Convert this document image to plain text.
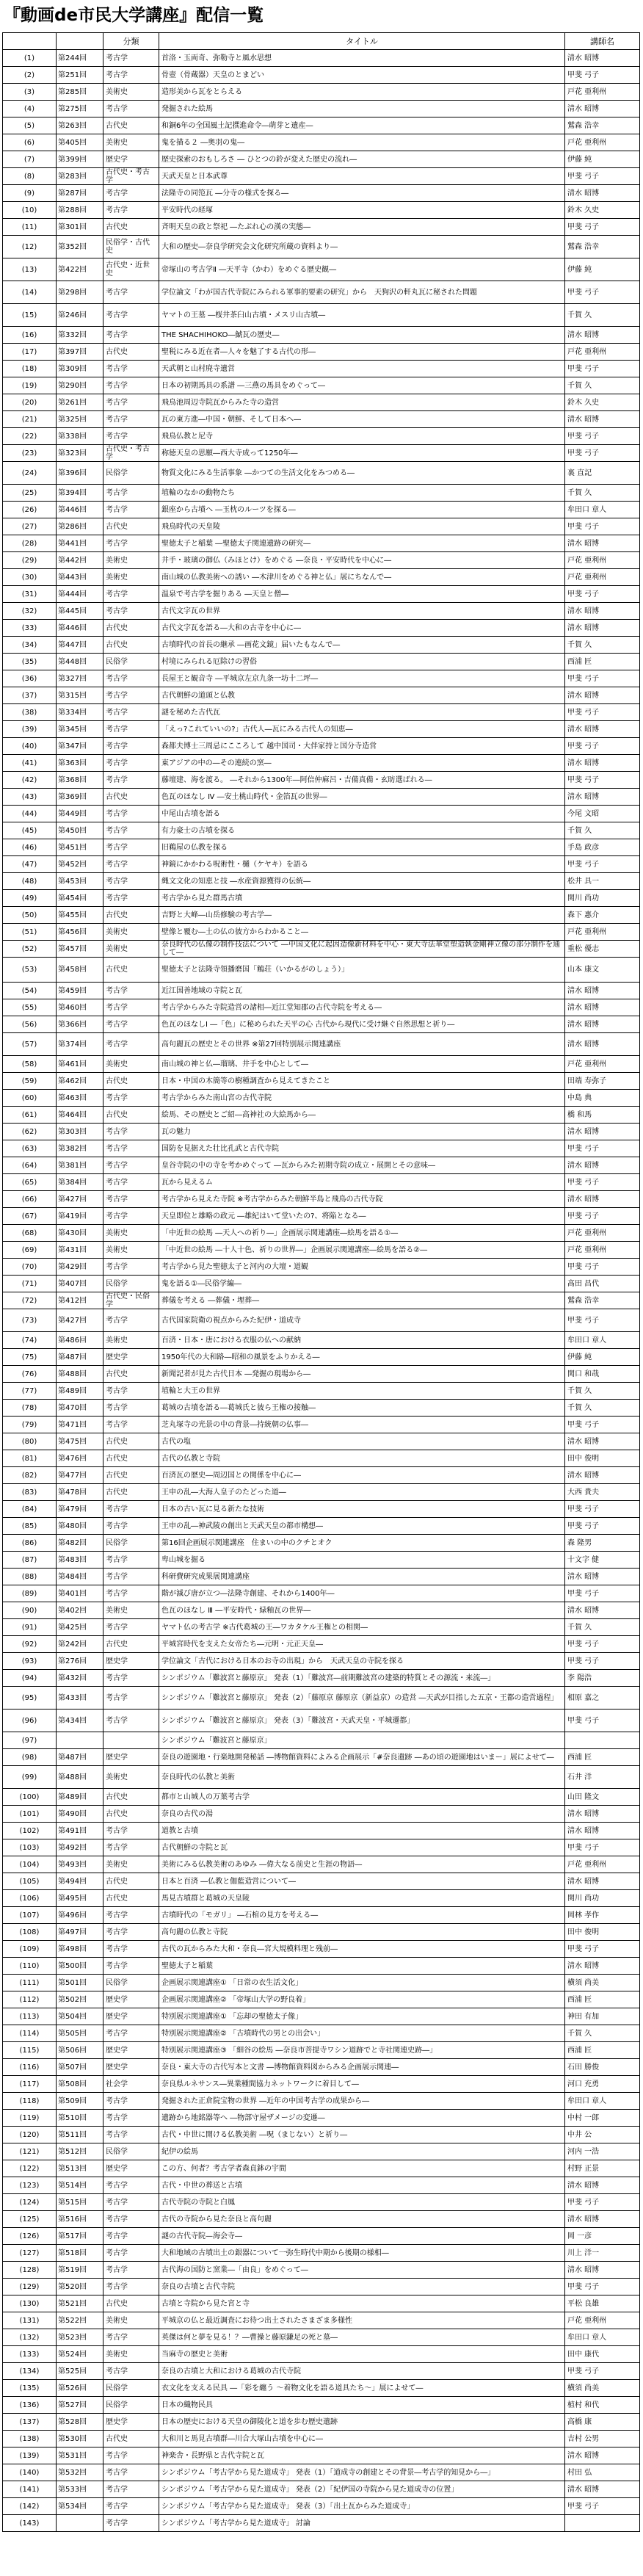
『動画de市民大学講座』配信一覧
		分類	タイトル	講師名
(1)	第244回	考古学	首洛・玉両奇、弥勒寺と風水思想	清水 昭博
(2)	第251回	考古学	骨壺（骨蔵器）天皇のとまどい	甲斐 弓子
(3)	第285回	美術史	造形美から瓦をとらえる	戸花 亜利州
(4)	第275回	考古学	発掘された絵馬	清水 昭博
(5)	第263回	古代史	和銅6年の全国風土記撰進命令―萌芽と遺産―	鷲森 浩幸
(6)	第405回	美術史	鬼を描る２ ―奥羽の鬼―	戸花 亜利州
(7)	第399回	歴史学	歴史探索のおもしろさ ― ひとつの鈴が変えた歴史の流れ―	伊藤 純
(8)	第283回	古代史・考古学	天武天皇と日本武尊	甲斐 弓子
(9)	第287回	考古学	法隆寺の同笵瓦 ―分寺の様式を探る―	清水 昭博
(10)	第288回	考古学	平安時代の経塚	鈴木 久史
(11)	第301回	古代史	斉明天皇の政と祭祀 ―たぶれ心の漢の実態―	甲斐 弓子
(12)	第352回	民俗学・古代史	大和の歴史―奈良学研究会文化研究所蔵の資料より―	鷲森 浩幸
(13)	第422回	古代史・近世史	帝塚山の考古学Ⅱ ―天平寺（かわ）をめぐる歴史観―	伊藤 純
(14)	第298回	考古学	学位論文「わが国古代寺院にみられる軍事的要素の研究」から　天狗沢の軒丸瓦に秘された問題	甲斐 弓子
(15)	第246回	考古学	ヤマトの王墓 ―桜井茶臼山古墳・メスリ山古墳―	千賀 久
(16)	第332回	考古学	THE SHACHIHOKO―鯱瓦の歴史―	清水 昭博
(17)	第397回	古代史	聖税にみる近在者―人々を魅了する古代の形―	戸花 亜利州
(18)	第309回	考古学	天武朝と山村廃寺遺営	甲斐 弓子
(19)	第290回	考古学	日本の初期馬具の系譜 ―三燕の馬具をめぐって―	千賀 久
(20)	第261回	考古学	飛鳥池周辺寺院瓦からみた寺の造営	鈴木 久史
(21)	第325回	考古学	瓦の東方進―中国・朝鮮、そして日本へ―	清水 昭博
(22)	第338回	考古学	飛鳥仏教と尼寺	甲斐 弓子
(23)	第323回	古代史・考古学	称徳天皇の思願―西大寺成って1250年―	甲斐 弓子
(24)	第396回	民俗学	物質文化にみる生活事象 ―かつての生活文化をみつめる―	裏 直記
(25)	第394回	考古学	埴輪のなかの動物たち	千賀 久
(26)	第446回	考古学	銀座から古墳へ ―玉枕のルーツを探る―	牟田口 章人
(27)	第286回	古代史	飛鳥時代の天皇陵	甲斐 弓子
(28)	第441回	考古学	聖徳太子と稲葉 ―聖徳太子関連遺跡の研究―	清水 昭博
(29)	第442回	美術史	井手・玻璃の御仏（みほとけ）をめぐる ―奈良・平安時代を中心に―	戸花 亜利州
(30)	第443回	美術史	南山城の仏教美術への誘い ―木津川をめぐる神と仏」展にちなんで―	戸花 亜利州
(31)	第444回	考古学	温泉で考古学を掘りある ―天皇と僧―	甲斐 弓子
(32)	第445回	考古学	古代文字瓦の世界	清水 昭博
(33)	第446回	古代史	古代文字瓦を語る―大和の古寺を中心に―	清水 昭博
(34)	第447回	古代史	古墳時代の首長の継承 ―画花文鏡」届いたもなんで―	千賀 久
(35)	第448回	民俗学	村境にみられる厄除けの習俗	西浦 匠
(36)	第327回	考古学	長屋王と観音寺 ―平城京左京九条一坊十二坪―	甲斐 弓子
(37)	第315回	考古学	古代朝鮮の道頭と仏教	清水 昭博
(38)	第334回	考古学	謎を秘めた古代瓦	甲斐 弓子
(39)	第345回	考古学	「えっ?これていいの?」古代人―瓦にみる古代人の知恵―	清水 昭博
(40)	第347回	考古学	森都夫博士三周忌にこころして 越中国司・大伴家持と国分寺造営	甲斐 弓子
(41)	第363回	考古学	東アジアの中の―その連続の窯―	清水 昭博
(42)	第368回	考古学	藤壇建、海を渡る。 ―それから1300年―阿倍仲麻呂・吉備真備・玄昉選ばれる―	甲斐 弓子
(43)	第369回	古代史	色瓦のほなし Ⅳ ―安土桃山時代・金箔瓦の世界―	清水 昭博
(44)	第449回	考古学	中尾山古墳を語る	今尾 文昭
(45)	第450回	考古学	有力豪士の古墳を探る	千賀 久
(46)	第451回	考古学	旧鵜屋の仏教を探る	手島 政彦
(47)	第452回	考古学	神鏡にかかわる呪術性・樋（ケヤキ）を語る	甲斐 弓子
(48)	第453回	考古学	縄文文化の知恵と技 ―水産資源獲得の伝統―	松井 具一
(49)	第454回	考古学	考古学から見た群馬古墳	関川 尚功
(50)	第455回	古代史	吉野と大峰―山岳修験の考古学―	森下 惠介
(51)	第456回	美術史	壁像と覆む―土の仏の彼方からわかること―	戸花 亜利州
(52)	第457回	美術史	奈良時代の仏像の制作技法について ―中国文化に起因造像新材料を中心・東大寺法華堂塑造執金剛神立像の部分制作を通して―	重松 優志
(53)	第458回	古代史	聖徳太子と法隆寺領播磨国「鵤荘（いかるがのしょう）」	山本 康文
(54)	第459回	考古学	近江国善地域の寺院と瓦	清水 昭博
(55)	第460回	考古学	考古学からみた寺院造営の諸相―近江堂知郡の古代寺院を考える―	清水 昭博
(56)	第366回	考古学	色瓦のほなしⅠ ―「色」に秘められた天平の心 古代から現代に受け継ぐ自然思想と祈り―	清水 昭博
(57)	第374回	考古学	高句麗瓦の歴史とその世界 ※第27回特別展示関連講座	清水 昭博
(58)	第461回	美術史	南山城の神と仏―瑠璃、井手を中心として―	戸花 亜利州
(59)	第462回	古代史	日本・中国の木簡等の樹種調査から見えてきたこと	田端 寿弥子
(60)	第463回	考古学	考古学からみた南山宮の古代寺院	中島 典
(61)	第464回	古代史	絵馬、その歴史とご紹―高神社の大絵馬から―	橋 和馬
(62)	第303回	考古学	瓦の魅力	清水 昭博
(63)	第382回	考古学	国防を見据えた壮比孔武と古代寺院	甲斐 弓子
(64)	第381回	考古学	皇谷寺院の中の寺を考かめぐって ―瓦からみた初期寺院の成立・展開とその意味―	清水 昭博
(65)	第384回	考古学	瓦から見えるム	甲斐 弓子
(66)	第427回	考古学	考古学から見えた寺院 ※考古学からみた朝鮮半島と飛鳥の古代寺院	清水 昭博
(67)	第419回	考古学	天皇即位と雄略の政元 ―雄紀はいて堂いたの?、将陥となる―	甲斐 弓子
(68)	第430回	美術史	「中近世の絵馬 ―天人への祈り―」企画展示関連講座―絵馬を語る①―	戸花 亜利州
(69)	第431回	美術史	「中近世の絵馬 ―十人十色、祈りの世界―」企画展示関連講座―絵馬を語る②―	戸花 亜利州
(70)	第429回	考古学	考古学から見た聖徳太子と河内の大壇・道観	甲斐 弓子
(71)	第407回	民俗学	鬼を語る①―民俗学編―	髙田 昌代
(72)	第412回	古代史・民俗学	葬儀を考える ―葬儀・埋葬―	鷲森 浩幸
(73)	第427回	考古学	古代国家院衛の視点からみた紀伊・道成寺	甲斐 弓子
(74)	第486回	美術史	百済・日本・唐における衣服の仏への献納	牟田口 章人
(75)	第487回	歴史学	1950年代の大和路―昭和の風景をふりかえる―	伊藤 純
(76)	第488回	古代史	新聞記者が見た古代日本 ―発掘の現場から―	関口 和哉
(77)	第489回	考古学	埴輪と大王の世界	千賀 久
(78)	第470回	考古学	葛城の古墳を語る―葛城氏と彼ら王権の接触―	千賀 久
(79)	第471回	考古学	芝丸塚寺の光景の中の背景―持統朝の仏事―	甲斐 弓子
(80)	第475回	古代史	古代の塩	清水 昭博
(81)	第476回	古代史	古代の仏教と寺院	田中 俊明
(82)	第477回	古代史	百済瓦の歴史―周辺国との関係を中心に―	清水 昭博
(83)	第478回	古代史	王申の乱―大海人皇子のたどった道―	大西 貴夫
(84)	第479回	考古学	日本の古い瓦に見る新たな技術	甲斐 弓子
(85)	第480回	考古学	王申の乱―神武陵の創出と天武天皇の都市構想―	甲斐 弓子
(86)	第482回	民俗学	第16回企画展示関連講座　住まいの中のクチとオク	森 隆男
(87)	第483回	考古学	卑山城を掘る	十文字 健
(88)	第484回	考古学	科研費研究成果展関連講座	清水 昭博
(89)	第401回	考古学	階が滅び唐が立つ―法隆寺創建、それから1400年―	甲斐 弓子
(90)	第402回	美術史	色瓦のほなし Ⅲ ―平安時代・緑釉瓦の世界―	清水 昭博
(91)	第425回	考古学	ヤマト仏の考古学 ※古代葛城の王―ワカタケル王権との相関―	千賀 久
(92)	第242回	古代史	平城宮時代を支えた女帝たち―元明・元正天皇―	甲斐 弓子
(93)	第276回	歴史学	学位論文「古代における日本のお寺の出現」から　天武天皇の寺院を探る	甲斐 弓子
(94)	第432回	考古学	シンポジウム「難波宮と藤原京」 発表（1）「難波宮―前期難波宮の建築的特質とその源流・来流―」	李 陽浩
(95)	第433回	考古学	シンポジウム「難波宮と藤原京」 発表（2）「藤原京 藤原京（新益京）の造営 ―天武が目指した五京・王都の造営過程」	相原 嘉之
(96)	第434回	考古学	シンポジウム「難波宮と藤原京」 発表（3）「難波宮・天武天皇・平城遷都」	甲斐 弓子
(97)			シンポジウム「難波宮と藤原京」	
(98)	第487回	歴史学	奈良の遊園地・行楽地開発秘話 ―博物館資料によみる企画展示「#奈良遺跡 ―あの頃の遊園地はいまー」展によせて―	西浦 匠
(99)	第488回	美術史	奈良時代の仏教と美術	石井 洋
(100)	第489回	古代史	都市と山城人の万葉考古学	山田 隆文
(101)	第490回	古代史	奈良の古代の湯	清水 昭博
(102)	第491回	考古学	道教と古墳	清水 昭博
(103)	第492回	考古学	古代朝鮮の寺院と瓦	甲斐 弓子
(104)	第493回	美術史	美術にみる仏教美術のあゆみ ―偉大なる前史と生涯の物語―	戸花 亜利州
(105)	第494回	古代史	日本と百済 ―仏教と伽藍造営について―	清水 昭博
(106)	第495回	古代史	馬見古墳群と葛城の天皇陵	関川 尚功
(107)	第496回	考古学	古墳時代の「モガリ」 ―石棺の見方を考える―	岡林 孝作
(108)	第497回	考古学	高句麗の仏教と寺院	田中 俊明
(109)	第498回	考古学	古代の瓦からみた大和・奈良―宮大規模料理と残前―	甲斐 弓子
(110)	第500回	考古学	聖徳太子と稲葉	清水 昭博
(111)	第501回	民俗学	企画展示関連講座① 「日常の衣生活文化」	横須 尚美
(112)	第502回	歴史学	企画展示関連講座② 「帝塚山大学の野良着」	西浦 匠
(113)	第504回	歴史学	特別展示関連講座① 「忘却の聖徳太子像」	神田 有加
(114)	第505回	考古学	特別展示関連講座② 「古墳時代の男との出会い」	千賀 久
(115)	第506回	歴史学	特別展示関連講座③ 「細谷の絵馬 ―奈良市菩提寺ワシン道跡でと寺社関連史跡―」	西浦 匠
(116)	第507回	歴史学	奈良・東大寺の古代写本と文書 ―博物館資料図からみる企画展示関連―	石田 勝俊
(117)	第508回	社会学	奈良県ルネサンス―異業種間協力ネットワークに着目して―	河口 充勇
(118)	第509回	考古学	発掘された正倉院宝物の世界 ―近年の中国考古学の成果から―	牟田口 章人
(119)	第510回	考古学	遺跡から地銘器等へ ―物部守屋ザメージの変遷―	中村 一郎
(120)	第511回	考古学	古代・中世に開ける仏教美術 ―呪（まじない）と祈り―	中井 公
(121)	第512回	民俗学	紀伊の絵馬	河内 一浩
(122)	第513回	歴史学	この方、何者？考古学者森貞鉢の宇間	村野 正景
(123)	第514回	考古学	古代・中世の葬送と古墳	清水 昭博
(124)	第515回	考古学	古代寺院の寺院と白鳳	甲斐 弓子
(125)	第516回	考古学	古代の寺院から見た奈良と高句麗	清水 昭博
(126)	第517回	考古学	謎の古代寺院—海会寺―	岡 一彦
(127)	第518回	考古学	大和地域の古墳出土の銀器について一弥生時代中期から後期の様相―	川上 洋一
(128)	第519回	考古学	古代海の国防と窯業―「由良」をめぐって―	清水 昭博
(129)	第520回	考古学	奈良の古墳と古代寺院	甲斐 弓子
(130)	第521回	古代史	古墳と寺院から見た宮と寺	平松 良雄
(131)	第522回	美術史	平城京の仏と最近調査にお待つ出土されたさまざま多様性	戸花 亜利州
(132)	第523回	考古学	英傑は何と夢を見る！？―曹操と藤原鎌足の死と墓―	牟田口 章人
(133)	第524回	美術史	当麻寺の歴史と美術	田中 康代
(134)	第525回	考古学	奈良の古墳と大和における葛城の古代寺院	甲斐 弓子
(135)	第526回	民俗学	衣文化を支える民具 ―「彩を纏う ～着物文化を語る道具たち～」展によせて―	横須 尚美
(136)	第527回	民俗学	日本の織物民具	植村 和代
(137)	第528回	歴史学	日本の歴史における天皇の御陵化と道を歩む歴史遺跡	高橋 康
(138)	第530回	古代史	大和川と馬見古墳群―川合大塚山古墳を中心に―	吉村 公男
(139)	第531回	考古学	神楽舎・長野県と古代寺院と瓦	清水 昭博
(140)	第532回	考古学	シンポジウム「考古学から見た道成寺」 発表（1）「道成寺の創建とその背景―考古学的知見から―」	村田 弘
(141)	第533回	考古学	シンポジウム「考古学から見た道成寺」 発表（2）「紀伊国の寺院から見た道成寺の位置」	清水 昭博
(142)	第534回	考古学	シンポジウム「考古学から見た道成寺」 発表（3）「出土瓦からみた道成寺」	甲斐 弓子
(143)		考古学	シンポジウム「考古学から見た道成寺」 討論	
